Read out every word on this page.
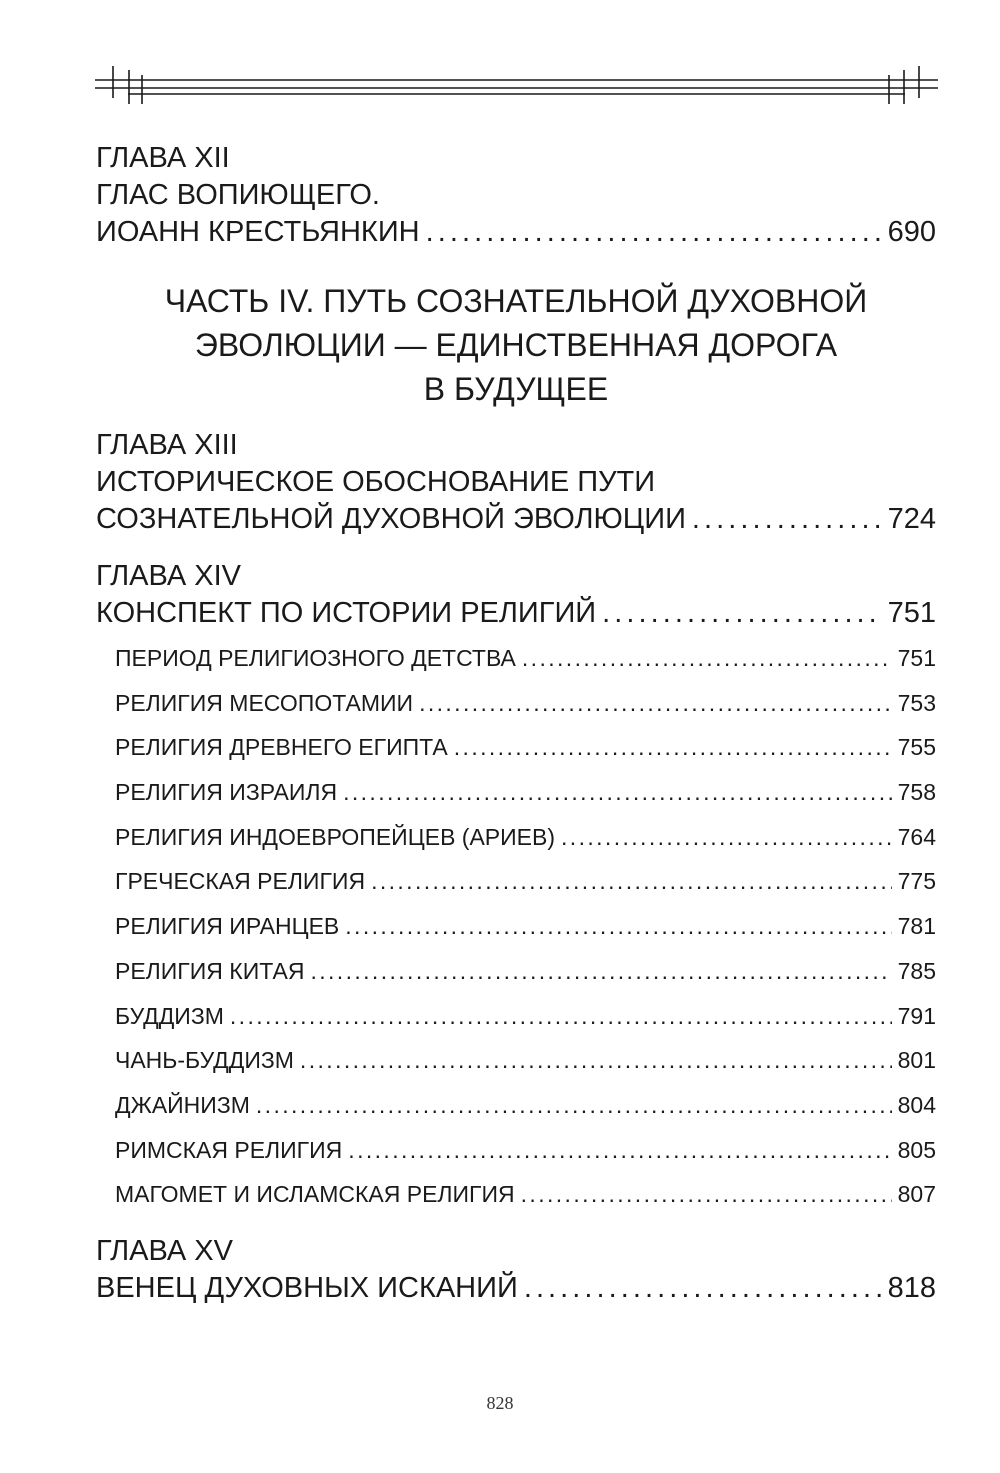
ГЛАВА XII
ГЛАС ВОПИЮЩЕГО.
ИОАНН КРЕСТЬЯНКИН . . .	690
ЧАСТЬ IV. ПУТЬ СОЗНАТЕЛЬНОЙ ДУХОВНОЙ
ЭВОЛЮЦИИ — ЕДИНСТВЕННАЯ ДОРОГА
В БУДУЩЕЕ
ГЛАВА XIII
ИСТОРИЧЕСКОЕ ОБОСНОВАНИЕ ПУТИ
СОЗНАТЕЛЬНОЙ ДУХОВНОЙ ЭВОЛЮЦИИ . . .	724
ГЛАВА XIV
КОНСПЕКТ ПО ИСТОРИИ РЕЛИГИЙ . . .	751
ПЕРИОД РЕЛИГИОЗНОГО ДЕТСТВА . . .	751
РЕЛИГИЯ МЕСОПОТАМИИ . . .	753
РЕЛИГИЯ ДРЕВНЕГО ЕГИПТА . . .	755
РЕЛИГИЯ ИЗРАИЛЯ . . .	758
РЕЛИГИЯ ИНДОЕВРОПЕЙЦЕВ (АРИЕВ) . . .	764
ГРЕЧЕСКАЯ РЕЛИГИЯ . . .	775
РЕЛИГИЯ ИРАНЦЕВ . . .	781
РЕЛИГИЯ КИТАЯ . . .	785
БУДДИЗМ . . .	791
ЧАНЬ-БУДДИЗМ . . .	801
ДЖАЙНИЗМ . . .	804
РИМСКАЯ РЕЛИГИЯ . . .	805
МАГОМЕТ И ИСЛАМСКАЯ РЕЛИГИЯ . . .	807
ГЛАВА XV
ВЕНЕЦ ДУХОВНЫХ ИСКАНИЙ . . .	818
828
